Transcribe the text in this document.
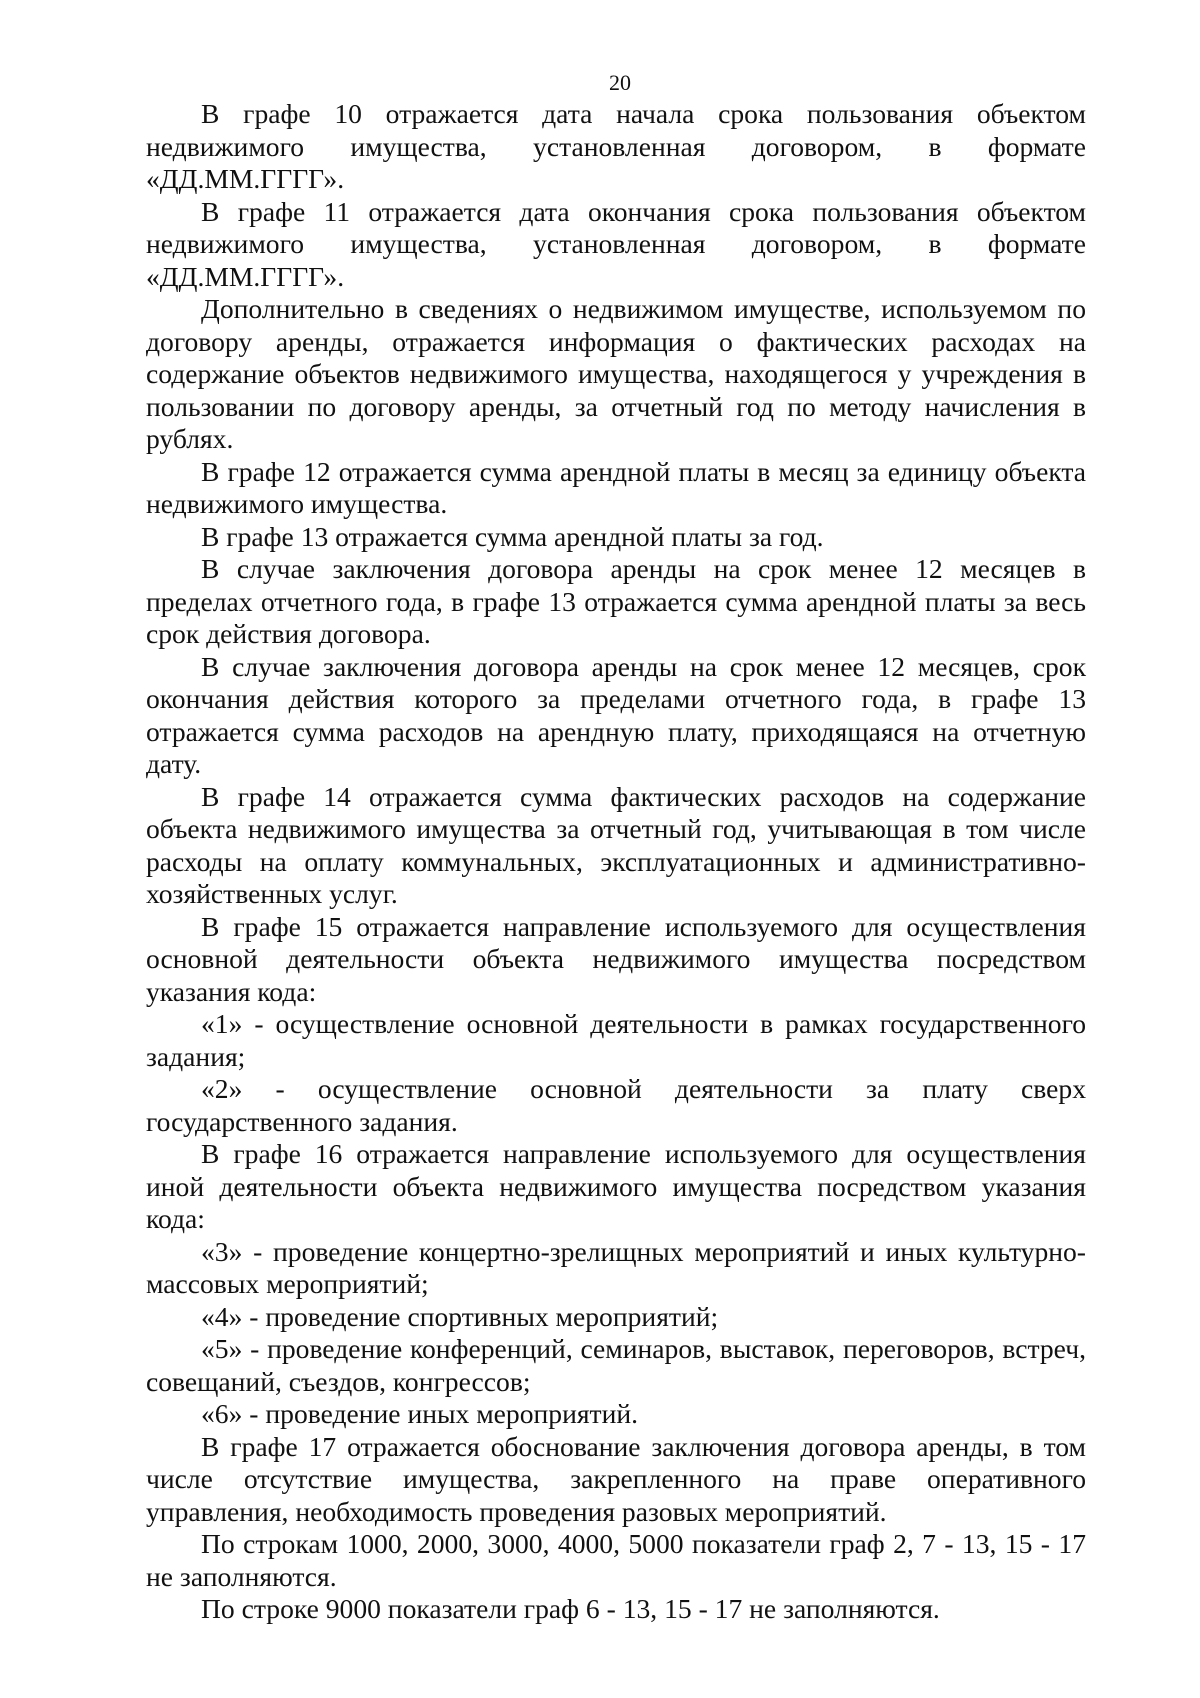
20

В графе 10 отражается дата начала срока пользования объектом недвижимого имущества, установленная договором, в формате «ДД.ММ.ГГГГ».

В графе 11 отражается дата окончания срока пользования объектом недвижимого имущества, установленная договором, в формате «ДД.ММ.ГГГГ».

Дополнительно в сведениях о недвижимом имуществе, используемом по договору аренды, отражается информация о фактических расходах на содержание объектов недвижимого имущества, находящегося у учреждения в пользовании по договору аренды, за отчетный год по методу начисления в рублях.

В графе 12 отражается сумма арендной платы в месяц за единицу объекта недвижимого имущества.

В графе 13 отражается сумма арендной платы за год.

В случае заключения договора аренды на срок менее 12 месяцев в пределах отчетного года, в графе 13 отражается сумма арендной платы за весь срок действия договора.

В случае заключения договора аренды на срок менее 12 месяцев, срок окончания действия которого за пределами отчетного года, в графе 13 отражается сумма расходов на арендную плату, приходящаяся на отчетную дату.

В графе 14 отражается сумма фактических расходов на содержание объекта недвижимого имущества за отчетный год, учитывающая в том числе расходы на оплату коммунальных, эксплуатационных и административно-хозяйственных услуг.

В графе 15 отражается направление используемого для осуществления основной деятельности объекта недвижимого имущества посредством указания кода:

«1» - осуществление основной деятельности в рамках государственного задания;

«2» - осуществление основной деятельности за плату сверх государственного задания.

В графе 16 отражается направление используемого для осуществления иной деятельности объекта недвижимого имущества посредством указания кода:

«3» - проведение концертно-зрелищных мероприятий и иных культурно-массовых мероприятий;

«4» - проведение спортивных мероприятий;

«5» - проведение конференций, семинаров, выставок, переговоров, встреч, совещаний, съездов, конгрессов;

«6» - проведение иных мероприятий.

В графе 17 отражается обоснование заключения договора аренды, в том числе отсутствие имущества, закрепленного на праве оперативного управления, необходимость проведения разовых мероприятий.

По строкам 1000, 2000, 3000, 4000, 5000 показатели граф 2, 7 - 13, 15 - 17 не заполняются.

По строке 9000 показатели граф 6 - 13, 15 - 17 не заполняются.
